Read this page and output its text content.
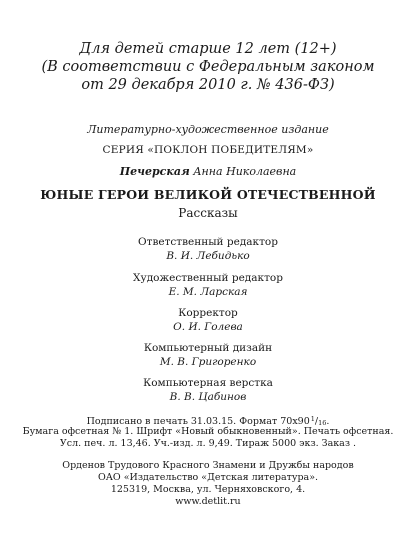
Для детей старше 12 лет (12+)
(В соответствии с Федеральным законом
от 29 декабря 2010 г. № 436-ФЗ)
Литературно-художественное издание
СЕРИЯ «ПОКЛОН ПОБЕДИТЕЛЯМ»
Печерская Анна Николаевна
ЮНЫЕ ГЕРОИ ВЕЛИКОЙ ОТЕЧЕСТВЕННОЙ
Рассказы
Ответственный редактор
В. И. Лебидько
Художественный редактор
Е. М. Ларская
Корректор
О. И. Голева
Компьютерный дизайн
М. В. Григоренко
Компьютерная верстка
В. В. Цабинов
Подписано в печать 31.03.15. Формат 70x90 $^1/_{16}$.
Бумага офсетная № 1. Шрифт «Новый обыкновенный». Печать офсетная.
Усл. печ. л. 13,46. Уч.-изд. л. 9,49. Тираж 5000 экз. Заказ .
Орденов Трудового Красного Знамени и Дружбы народов
ОАО «Издательство «Детская литература».
125319, Москва, ул. Черняховского, 4.
www.detlit.ru
